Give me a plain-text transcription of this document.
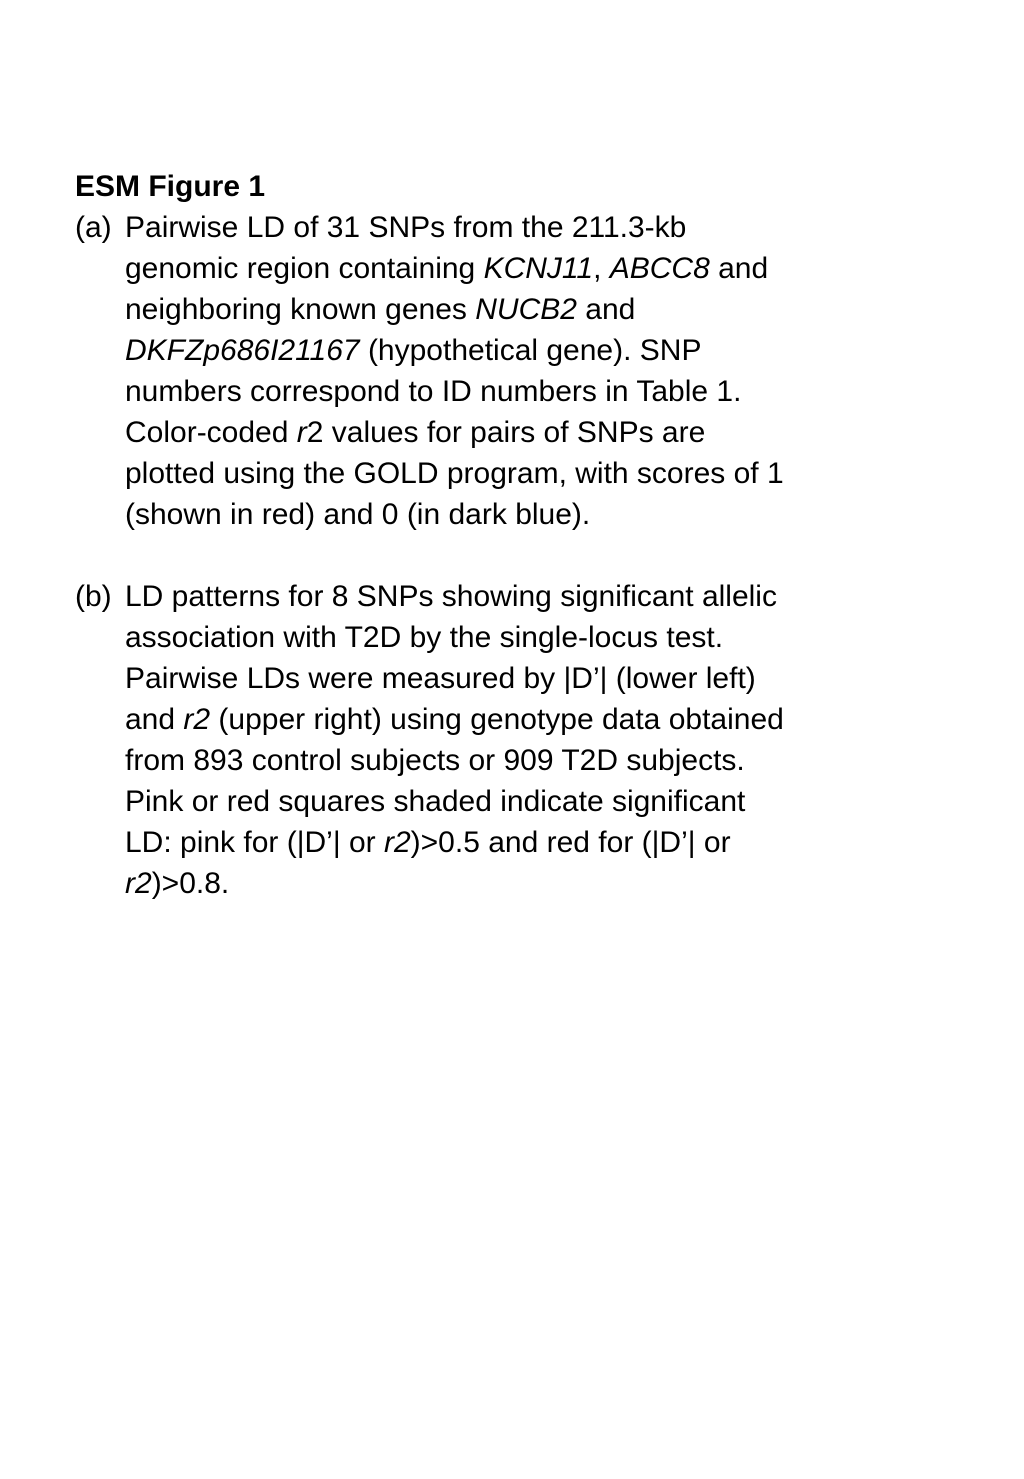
ESM Figure 1
(a) Pairwise LD of 31 SNPs from the 211.3-kb
genomic region containing KCNJ11, ABCC8 and
neighboring known genes NUCB2 and
DKFZp686I21167 (hypothetical gene). SNP
numbers correspond to ID numbers in Table 1.
Color-coded r2 values for pairs of SNPs are
plotted using the GOLD program, with scores of 1
(shown in red) and 0 (in dark blue).
(b) LD patterns for 8 SNPs showing significant allelic
association with T2D by the single-locus test.
Pairwise LDs were measured by |D’| (lower left)
and r2 (upper right) using genotype data obtained
from 893 control subjects or 909 T2D subjects.
Pink or red squares shaded indicate significant
LD: pink for (|D’| or r2)>0.5 and red for (|D’| or
r2)>0.8.
